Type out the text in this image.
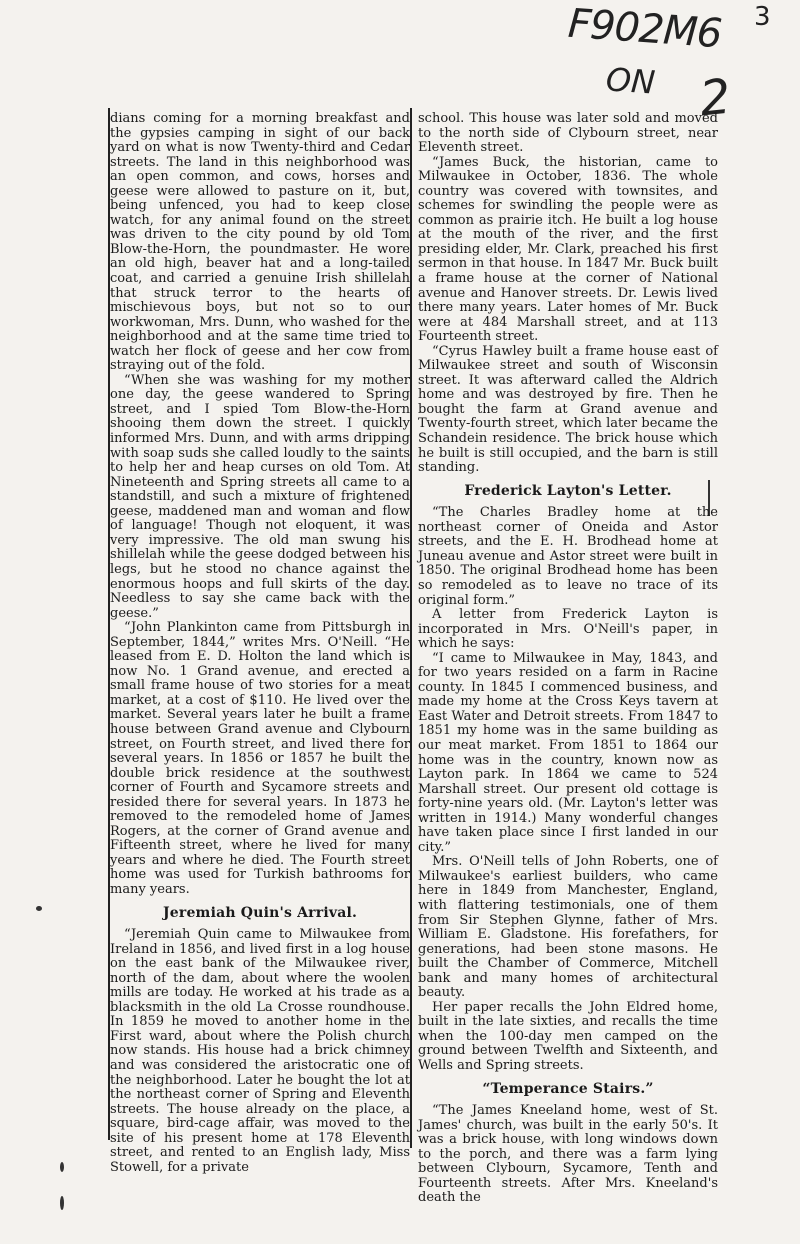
F902M6 3
ON 2

dians coming for a morning breakfast and the gypsies camping in sight of our back yard on what is now Twenty-third and Cedar streets. The land in this neighborhood was an open common, and cows, horses and geese were allowed to pasture on it, but, being unfenced, you had to keep close watch, for any animal found on the street was driven to the city pound by old Tom Blow-the-Horn, the poundmaster. He wore an old high, beaver hat and a long-tailed coat, and carried a genuine Irish shillelah that struck terror to the hearts of mischievous boys, but not so to our workwoman, Mrs. Dunn, who washed for the neighborhood and at the same time tried to watch her flock of geese and her cow from straying out of the fold.

“When she was washing for my mother one day, the geese wandered to Spring street, and I spied Tom Blow-the-Horn shooing them down the street. I quickly informed Mrs. Dunn, and with arms dripping with soap suds she called loudly to the saints to help her and heap curses on old Tom. At Nineteenth and Spring streets all came to a standstill, and such a mixture of frightened geese, maddened man and woman and flow of language! Though not eloquent, it was very impressive. The old man swung his shillelah while the geese dodged between his legs, but he stood no chance against the enormous hoops and full skirts of the day. Needless to say she came back with the geese.”

“John Plankinton came from Pittsburgh in September, 1844,” writes Mrs. O'Neill. “He leased from E. D. Holton the land which is now No. 1 Grand avenue, and erected a small frame house of two stories for a meat market, at a cost of $110. He lived over the market. Several years later he built a frame house between Grand avenue and Clybourn street, on Fourth street, and lived there for several years. In 1856 or 1857 he built the double brick residence at the southwest corner of Fourth and Sycamore streets and resided there for several years. In 1873 he removed to the remodeled home of James Rogers, at the corner of Grand avenue and Fifteenth street, where he lived for many years and where he died. The Fourth street home was used for Turkish bathrooms for many years.

Jeremiah Quin's Arrival.

“Jeremiah Quin came to Milwaukee from Ireland in 1856, and lived first in a log house on the east bank of the Milwaukee river, north of the dam, about where the woolen mills are today. He worked at his trade as a blacksmith in the old La Crosse roundhouse. In 1859 he moved to another home in the First ward, about where the Polish church now stands. His house had a brick chimney and was considered the aristocratic one of the neighborhood. Later he bought the lot at the northeast corner of Spring and Eleventh streets. The house already on the place, a square, bird-cage affair, was moved to the site of his present home at 178 Eleventh street, and rented to an English lady, Miss Stowell, for a private

school. This house was later sold and moved to the north side of Clybourn street, near Eleventh street.

“James Buck, the historian, came to Milwaukee in October, 1836. The whole country was covered with townsites, and schemes for swindling the people were as common as prairie itch. He built a log house at the mouth of the river, and the first presiding elder, Mr. Clark, preached his first sermon in that house. In 1847 Mr. Buck built a frame house at the corner of National avenue and Hanover streets. Dr. Lewis lived there many years. Later homes of Mr. Buck were at 484 Marshall street, and at 113 Fourteenth street.

“Cyrus Hawley built a frame house east of Milwaukee street and south of Wisconsin street. It was afterward called the Aldrich home and was destroyed by fire. Then he bought the farm at Grand avenue and Twenty-fourth street, which later became the Schandein residence. The brick house which he built is still occupied, and the barn is still standing.

Frederick Layton's Letter.

“The Charles Bradley home at the northeast corner of Oneida and Astor streets, and the E. H. Brodhead home at Juneau avenue and Astor street were built in 1850. The original Brodhead home has been so remodeled as to leave no trace of its original form.”

A letter from Frederick Layton is incorporated in Mrs. O'Neill's paper, in which he says:

“I came to Milwaukee in May, 1843, and for two years resided on a farm in Racine county. In 1845 I commenced business, and made my home at the Cross Keys tavern at East Water and Detroit streets. From 1847 to 1851 my home was in the same building as our meat market. From 1851 to 1864 our home was in the country, known now as Layton park. In 1864 we came to 524 Marshall street. Our present old cottage is forty-nine years old. (Mr. Layton's letter was written in 1914.) Many wonderful changes have taken place since I first landed in our city.”

Mrs. O'Neill tells of John Roberts, one of Milwaukee's earliest builders, who came here in 1849 from Manchester, England, with flattering testimonials, one of them from Sir Stephen Glynne, father of Mrs. William E. Gladstone. His forefathers, for generations, had been stone masons. He built the Chamber of Commerce, Mitchell bank and many homes of architectural beauty.

Her paper recalls the John Eldred home, built in the late sixties, and recalls the time when the 100-day men camped on the ground between Twelfth and Sixteenth, and Wells and Spring streets.

“Temperance Stairs.”

“The James Kneeland home, west of St. James' church, was built in the early 50's. It was a brick house, with long windows down to the porch, and there was a farm lying between Clybourn, Sycamore, Tenth and Fourteenth streets. After Mrs. Kneeland's death the
